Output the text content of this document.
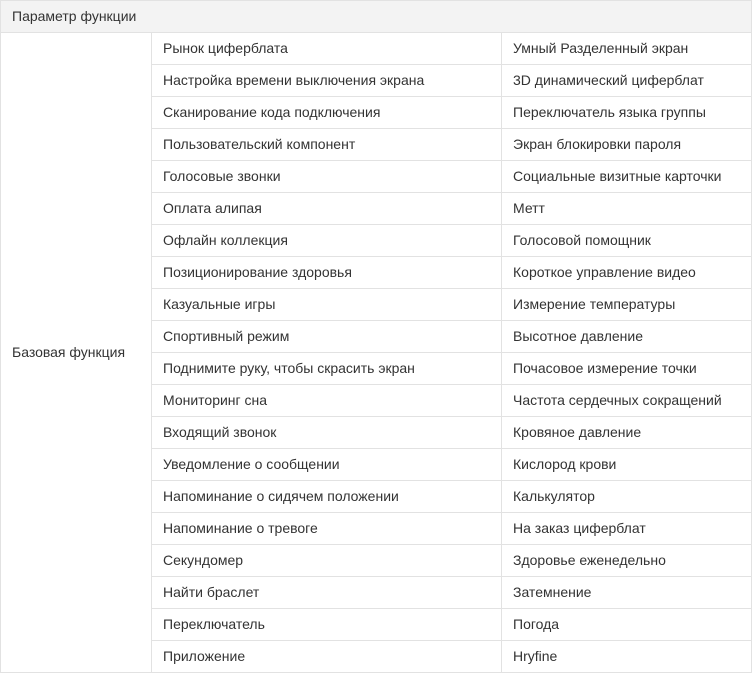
Параметр функции		
Базовая функция	Рынок циферблата	Умный Разделенный экран
	Настройка времени выключения экрана	3D динамический циферблат
	Сканирование кода подключения	Переключатель языка группы
	Пользовательский компонент	Экран блокировки пароля
	Голосовые звонки	Социальные визитные карточки
	Оплата алипая	Метт
	Офлайн коллекция	Голосовой помощник
	Позиционирование здоровья	Короткое управление видео
	Казуальные игры	Измерение температуры
	Спортивный режим	Высотное давление
	Поднимите руку, чтобы скрасить экран	Почасовое измерение точки
	Мониторинг сна	Частота сердечных сокращений
	Входящий звонок	Кровяное давление
	Уведомление о сообщении	Кислород крови
	Напоминание о сидячем положении	Калькулятор
	Напоминание о тревоге	На заказ циферблат
	Секундомер	Здоровье еженедельно
	Найти браслет	Затемнение
	Переключатель	Погода
	Приложение	Hryfine
